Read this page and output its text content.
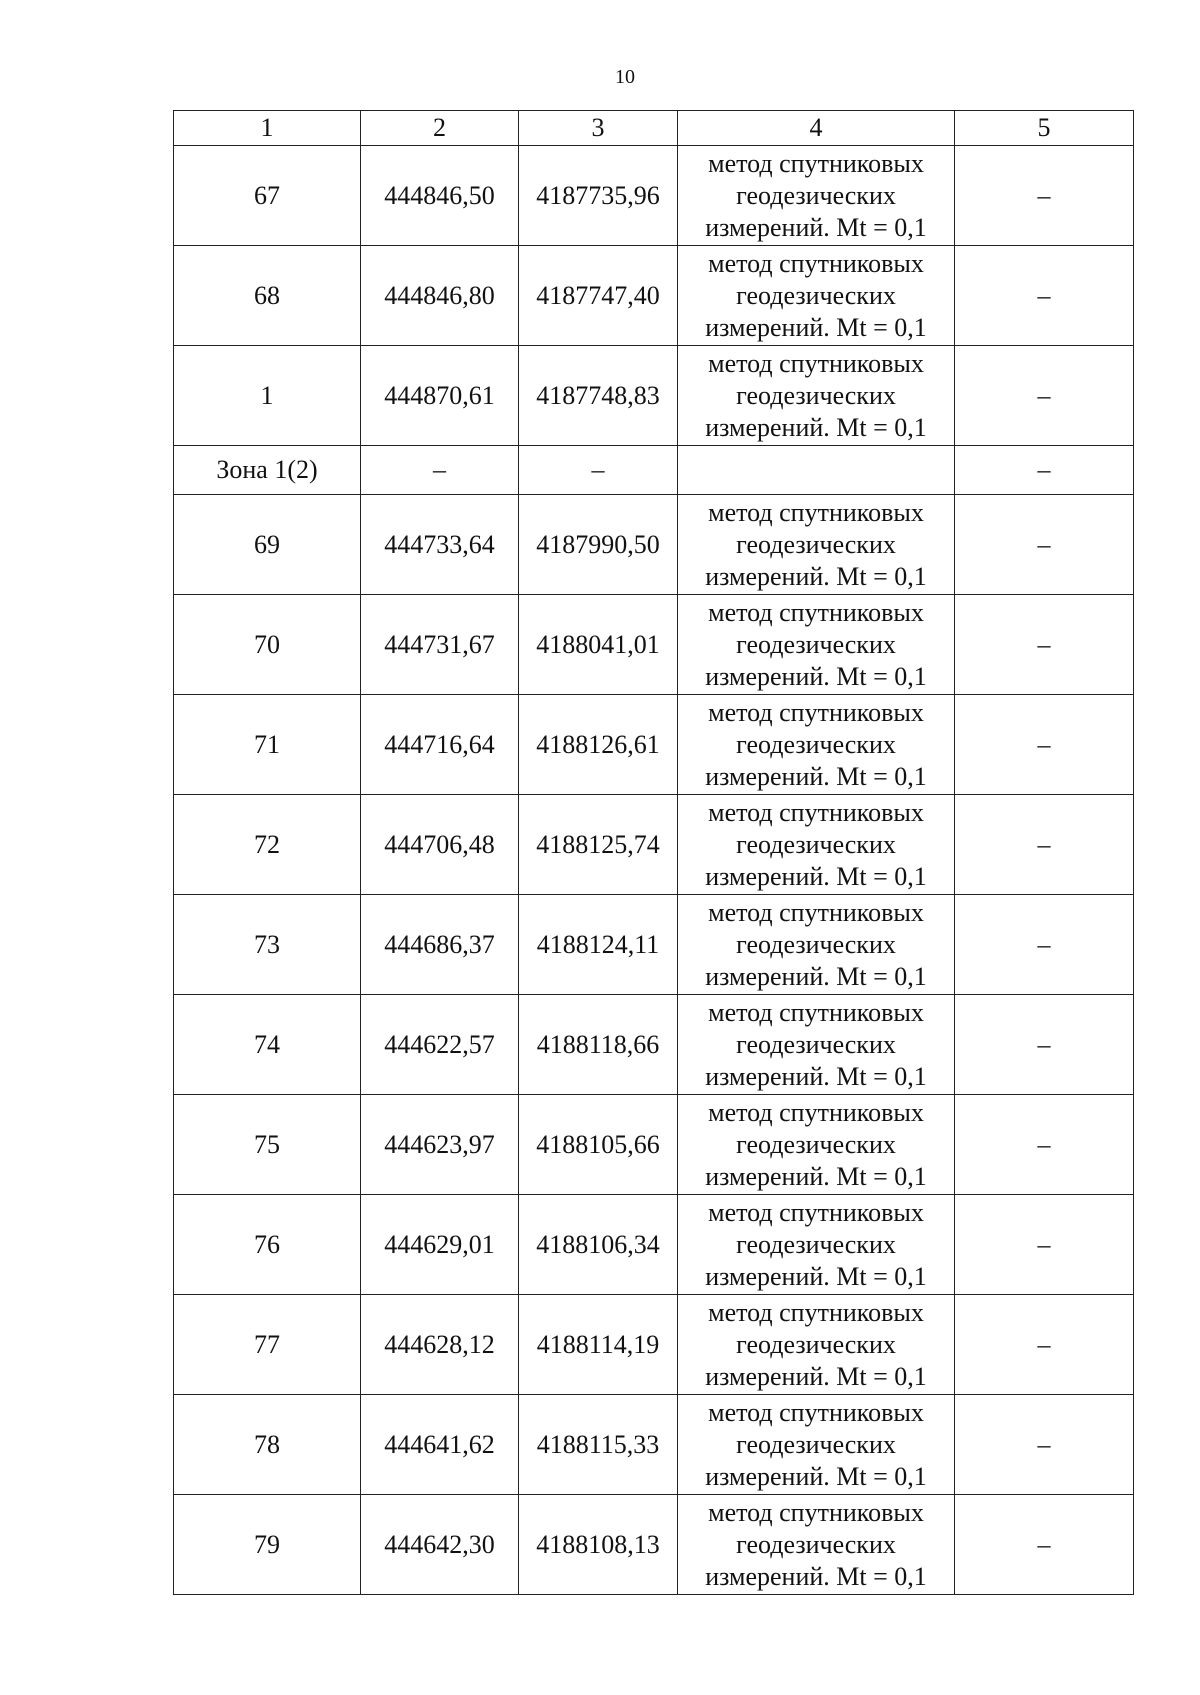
10
1	2	3	4	5
67	444846,50	4187735,96	метод спутниковых
геодезических
измерений. Mt = 0,1	–
68	444846,80	4187747,40	метод спутниковых
геодезических
измерений. Mt = 0,1	–
1	444870,61	4187748,83	метод спутниковых
геодезических
измерений. Mt = 0,1	–
Зона 1(2)	–	–		–
69	444733,64	4187990,50	метод спутниковых
геодезических
измерений. Mt = 0,1	–
70	444731,67	4188041,01	метод спутниковых
геодезических
измерений. Mt = 0,1	–
71	444716,64	4188126,61	метод спутниковых
геодезических
измерений. Mt = 0,1	–
72	444706,48	4188125,74	метод спутниковых
геодезических
измерений. Mt = 0,1	–
73	444686,37	4188124,11	метод спутниковых
геодезических
измерений. Mt = 0,1	–
74	444622,57	4188118,66	метод спутниковых
геодезических
измерений. Mt = 0,1	–
75	444623,97	4188105,66	метод спутниковых
геодезических
измерений. Mt = 0,1	–
76	444629,01	4188106,34	метод спутниковых
геодезических
измерений. Mt = 0,1	–
77	444628,12	4188114,19	метод спутниковых
геодезических
измерений. Mt = 0,1	–
78	444641,62	4188115,33	метод спутниковых
геодезических
измерений. Mt = 0,1	–
79	444642,30	4188108,13	метод спутниковых
геодезических
измерений. Mt = 0,1	–
